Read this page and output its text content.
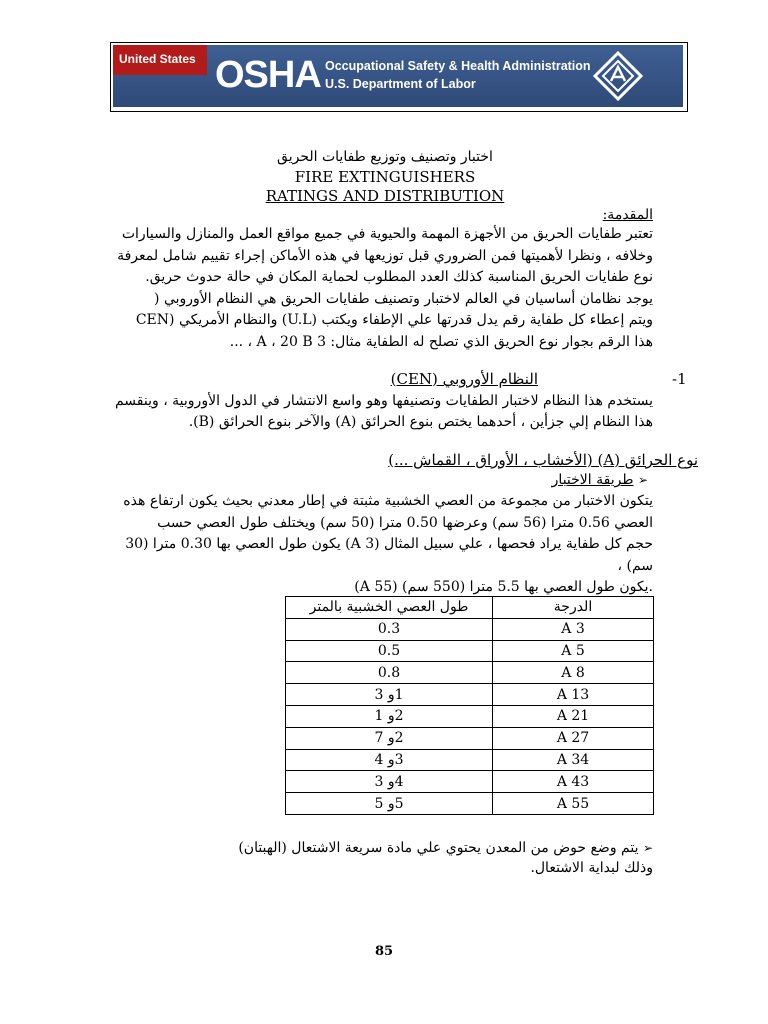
United States OSHA Occupational Safety & Health Administration
U.S. Department of Labor
اختبار وتصنيف وتوزيع طفايات الحريق
FIRE EXTINGUISHERS
RATINGS AND DISTRIBUTION
المقدمة:
تعتبر طفايات الحريق من الأجهزة المهمة والحيوية في جميع مواقع العمل والمنازل والسيارات
وخلافه ، ونظرا لأهميتها فمن الضروري قبل توزيعها في هذه الأماكن إجراء تقييم شامل لمعرفة
نوع طفايات الحريق المناسبة كذلك العدد المطلوب لحماية المكان في حالة حدوث حريق.
يوجد نظامان أساسيان في العالم لاختبار وتصنيف طفايات الحريق هي النظام الأوروبي (
CEN) والنظام الأمريكي (U.L) ويتم إعطاء كل طفاية رقم يدل قدرتها علي الإطفاء ويكتب
هذا الرقم بجوار نوع الحريق الذي تصلح له الطفاية مثال: A ، 20 B 3 ، ...
-1
النظام الأوروبي (CEN)
يستخدم هذا النظام لاختبار الطفايات وتصنيفها وهو واسع الانتشار في الدول الأوروبية ، وينقسم
هذا النظام إلي جزأين ، أحدهما يختص بنوع الحرائق (A) والآخر بنوع الحرائق (B).
نوع الحرائق (A) (الأخشاب ، الأوراق ، القماش ...)
➢ طريقة الاختبار
يتكون الاختبار من مجموعة من العصي الخشبية مثبتة في إطار معدني بحيث يكون ارتفاع هذه
العصي 0.56 مترا (56 سم) وعرضها 0.50 مترا (50 سم) ويختلف طول العصي حسب
حجم كل طفاية يراد فحصها ، علي سبيل المثال (A 3) يكون طول العصي بها 0.30 مترا (30
سم) ،
(A 55) يكون طول العصي بها 5.5 مترا (550 سم).
طول العصي الخشبية بالمتر	الدرجة
0.3	A 3
0.5	A 5
0.8	A 8
1و 3	A 13
2و 1	A 21
2و 7	A 27
3و 4	A 34
4و 3	A 43
5و 5	A 55
➢ يتم وضع حوض من المعدن يحتوي علي مادة سريعة الاشتعال (الهبتان)
وذلك لبداية الاشتعال.
85
